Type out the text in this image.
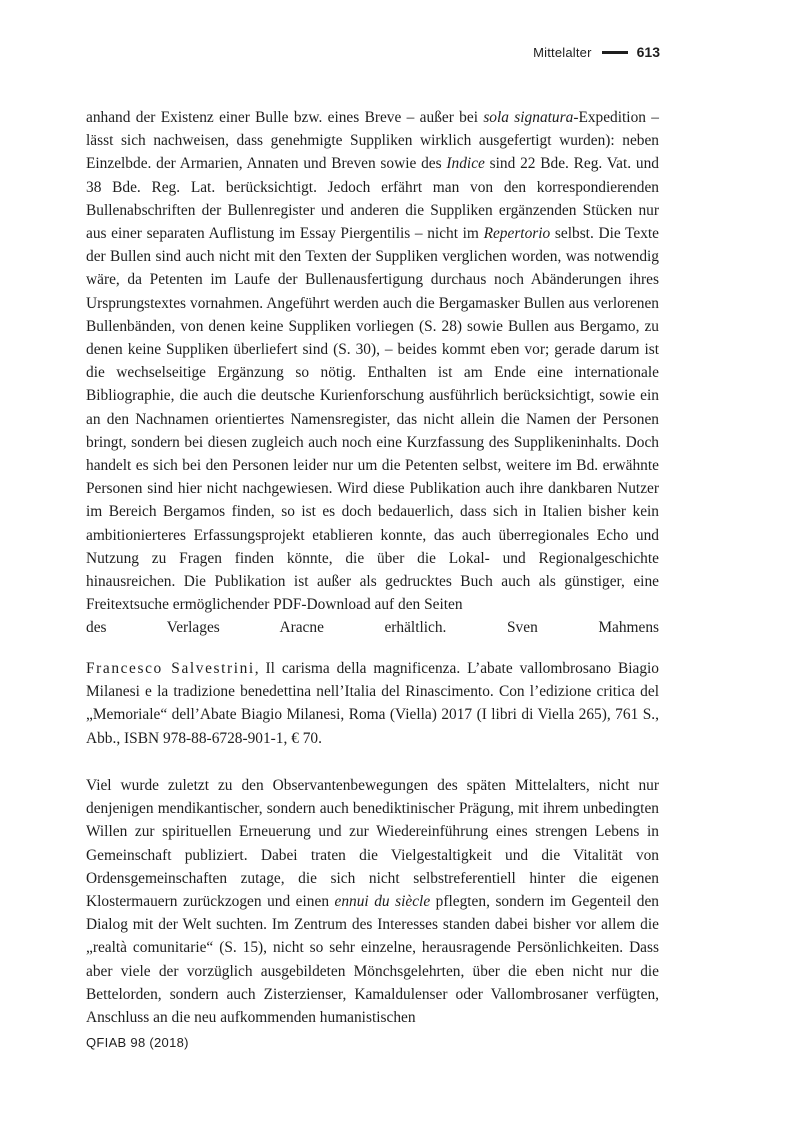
Mittelalter	613

anhand der Existenz einer Bulle bzw. eines Breve – außer bei sola signatura-Expedition – lässt sich nachweisen, dass genehmigte Suppliken wirklich ausgefertigt wurden): neben Einzelbde. der Armarien, Annaten und Breven sowie des Indice sind 22 Bde. Reg. Vat. und 38 Bde. Reg. Lat. berücksichtigt. Jedoch erfährt man von den korrespondierenden Bullenabschriften der Bullenregister und anderen die Suppliken ergänzenden Stücken nur aus einer separaten Auflistung im Essay Piergentilis – nicht im Repertorio selbst. Die Texte der Bullen sind auch nicht mit den Texten der Suppliken verglichen worden, was notwendig wäre, da Petenten im Laufe der Bullenausfertigung durchaus noch Abänderungen ihres Ursprungstextes vornahmen. Angeführt werden auch die Bergamasker Bullen aus verlorenen Bullenbänden, von denen keine Suppliken vorliegen (S. 28) sowie Bullen aus Bergamo, zu denen keine Suppliken überliefert sind (S. 30), – beides kommt eben vor; gerade darum ist die wechselseitige Ergänzung so nötig. Enthalten ist am Ende eine internationale Bibliographie, die auch die deutsche Kurienforschung ausführlich berücksichtigt, sowie ein an den Nachnamen orientiertes Namensregister, das nicht allein die Namen der Personen bringt, sondern bei diesen zugleich auch noch eine Kurzfassung des Supplikeninhalts. Doch handelt es sich bei den Personen leider nur um die Petenten selbst, weitere im Bd. erwähnte Personen sind hier nicht nachgewiesen. Wird diese Publikation auch ihre dankbaren Nutzer im Bereich Bergamos finden, so ist es doch bedauerlich, dass sich in Italien bisher kein ambitionierteres Erfassungsprojekt etablieren konnte, das auch überregionales Echo und Nutzung zu Fragen finden könnte, die über die Lokal- und Regionalgeschichte hinausreichen. Die Publikation ist außer als gedrucktes Buch auch als günstiger, eine Freitextsuche ermöglichender PDF-Download auf den Seiten

des Verlages Aracne erhältlich.	Sven Mahmens

Francesco Salvestrini, Il carisma della magnificenza. L’abate vallombrosano Biagio Milanesi e la tradizione benedettina nell’Italia del Rinascimento. Con l’edizione critica del „Memoriale“ dell’Abate Biagio Milanesi, Roma (Viella) 2017 (I libri di Viella 265), 761 S., Abb., ISBN 978-88-6728-901-1, € 70.

Viel wurde zuletzt zu den Observantenbewegungen des späten Mittelalters, nicht nur denjenigen mendikantischer, sondern auch benediktinischer Prägung, mit ihrem unbedingten Willen zur spirituellen Erneuerung und zur Wiedereinführung eines strengen Lebens in Gemeinschaft publiziert. Dabei traten die Vielgestaltigkeit und die Vitalität von Ordensgemeinschaften zutage, die sich nicht selbstreferentiell hinter die eigenen Klostermauern zurückzogen und einen ennui du siècle pflegten, sondern im Gegenteil den Dialog mit der Welt suchten. Im Zentrum des Interesses standen dabei bisher vor allem die „realtà comunitarie“ (S. 15), nicht so sehr einzelne, herausragende Persönlichkeiten. Dass aber viele der vorzüglich ausgebildeten Mönchsgelehrten, über die eben nicht nur die Bettelorden, sondern auch Zisterzienser, Kamaldulenser oder Vallombrosaner verfügten, Anschluss an die neu aufkommenden humanistischen

QFIAB 98 (2018)
